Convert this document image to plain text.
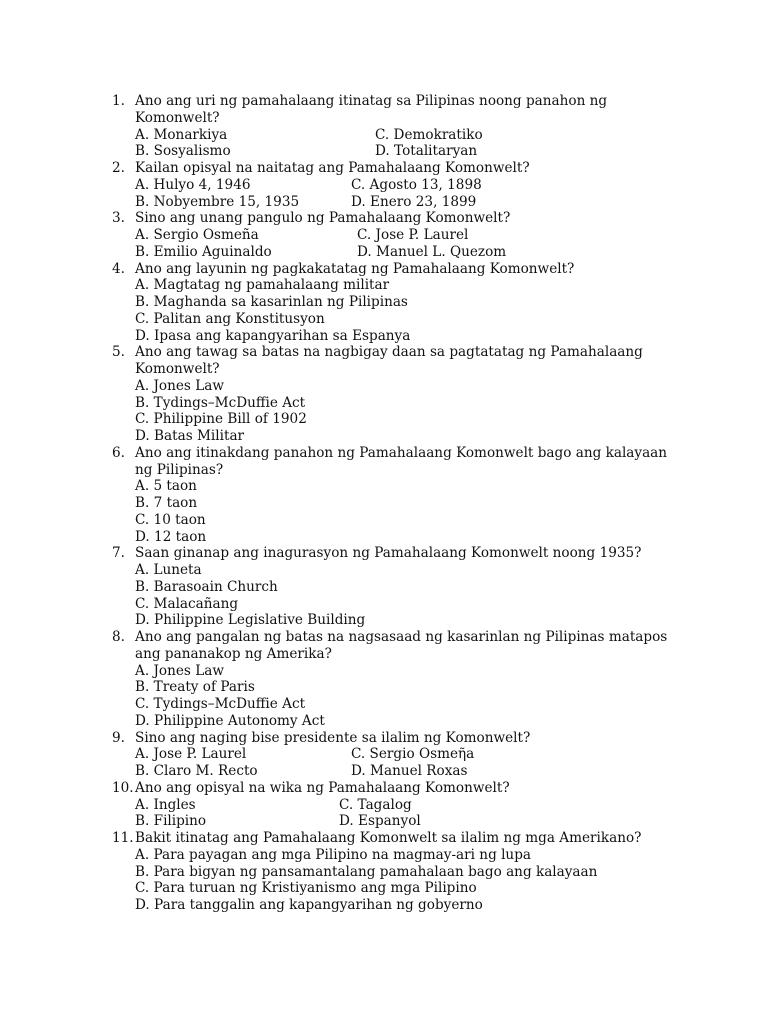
1. Ano ang uri ng pamahalaang itinatag sa Pilipinas noong panahon ng Komonwelt?
A. Monarkiya	C. Demokratiko
B. Sosyalismo	D. Totalitaryan
2. Kailan opisyal na naitatag ang Pamahalaang Komonwelt?
A. Hulyo 4, 1946	C. Agosto 13, 1898
B. Nobyembre 15, 1935	D. Enero 23, 1899
3. Sino ang unang pangulo ng Pamahalaang Komonwelt?
A. Sergio Osmeña	C. Jose P. Laurel
B. Emilio Aguinaldo	D. Manuel L. Quezom
4. Ano ang layunin ng pagkakatatag ng Pamahalaang Komonwelt?
A. Magtatag ng pamahalaang militar
B. Maghanda sa kasarinlan ng Pilipinas
C. Palitan ang Konstitusyon
D. Ipasa ang kapangyarihan sa Espanya
5. Ano ang tawag sa batas na nagbigay daan sa pagtatatag ng Pamahalaang Komonwelt?
A. Jones Law
B. Tydings–McDuffie Act
C. Philippine Bill of 1902
D. Batas Militar
6. Ano ang itinakdang panahon ng Pamahalaang Komonwelt bago ang kalayaan ng Pilipinas?
A. 5 taon
B. 7 taon
C. 10 taon
D. 12 taon
7. Saan ginanap ang inagurasyon ng Pamahalaang Komonwelt noong 1935?
A. Luneta
B. Barasoain Church
C. Malacañang
D. Philippine Legislative Building
8. Ano ang pangalan ng batas na nagsasaad ng kasarinlan ng Pilipinas matapos ang pananakop ng Amerika?
A. Jones Law
B. Treaty of Paris
C. Tydings–McDuffie Act
D. Philippine Autonomy Act
9. Sino ang naging bise presidente sa ilalim ng Komonwelt?
A. Jose P. Laurel	C. Sergio Osmeῆa
B. Claro M. Recto	D. Manuel Roxas
10. Ano ang opisyal na wika ng Pamahalaang Komonwelt?
A. Ingles	C. Tagalog
B. Filipino	D. Espanyol
11. Bakit itinatag ang Pamahalaang Komonwelt sa ilalim ng mga Amerikano?
A. Para payagan ang mga Pilipino na magmay-ari ng lupa
B. Para bigyan ng pansamantalang pamahalaan bago ang kalayaan
C. Para turuan ng Kristiyanismo ang mga Pilipino
D. Para tanggalin ang kapangyarihan ng gobyerno
